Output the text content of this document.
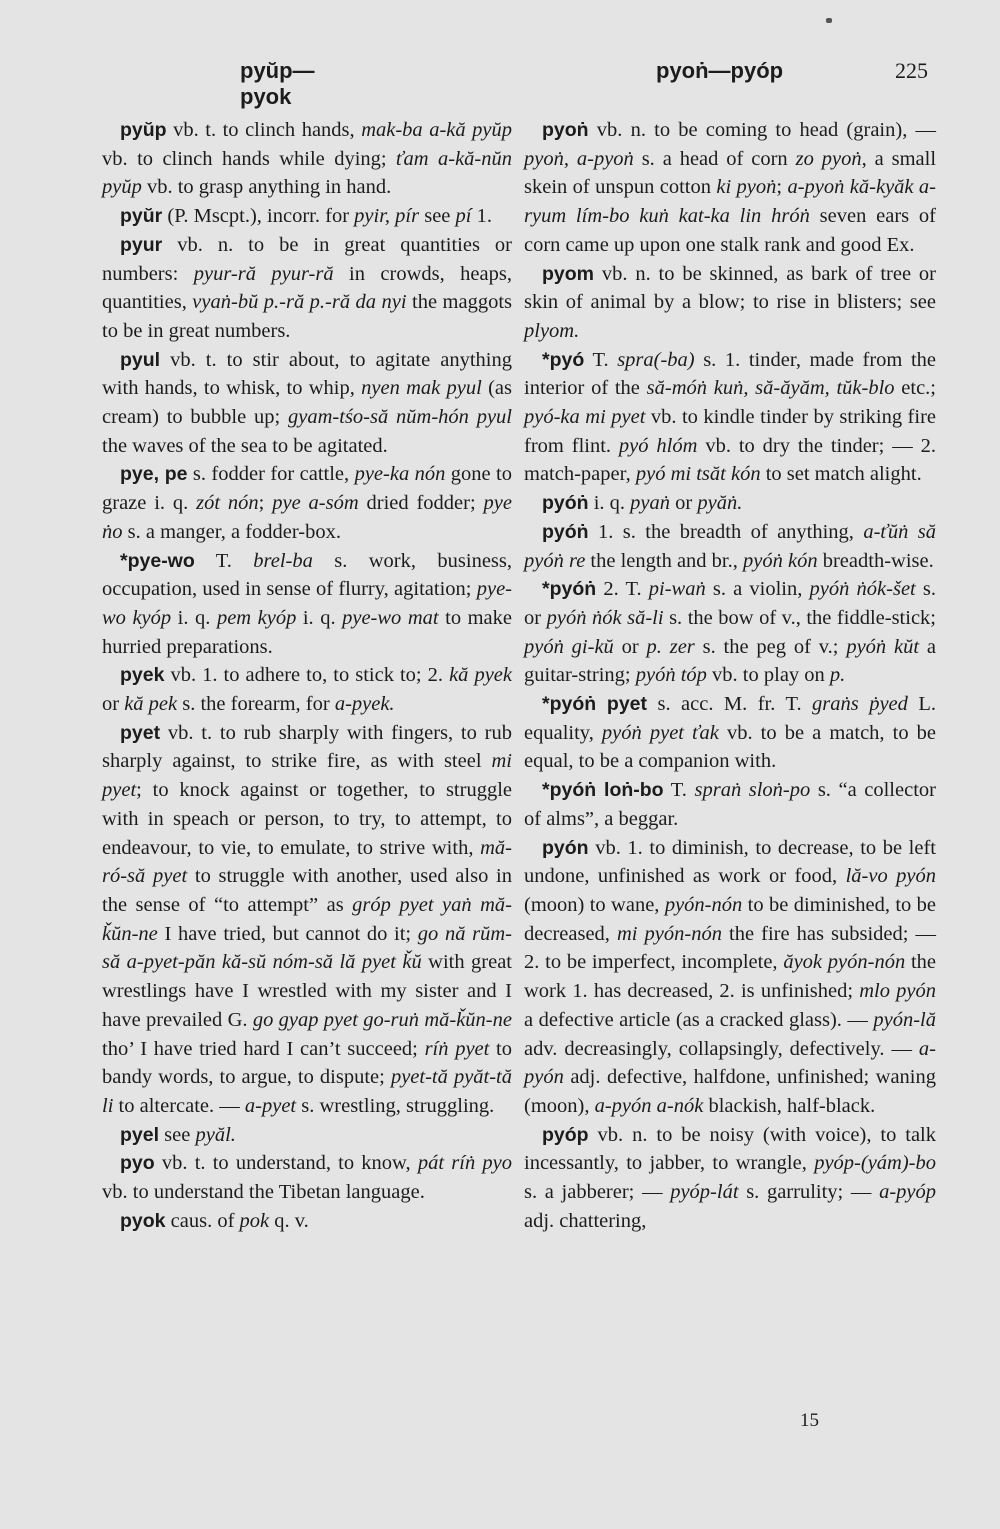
pyŭp—pyok
pyoṅ—pyóp	225

pyŭp vb. t. to clinch hands, mak-ba a-kă pyŭp vb. to clinch hands while dying; ťam a-kă-nŭn pyŭp vb. to grasp anything in hand.

pyŭr (P. Mscpt.), incorr. for pyir, pír see pí 1.

pyur vb. n. to be in great quantities or numbers: pyur-ră pyur-ră in crowds, heaps, quantities, vyaṅ-bŭ p.-ră p.-ră da nyi the maggots to be in great numbers.

pyul vb. t. to stir about, to agitate anything with hands, to whisk, to whip, nyen mak pyul (as cream) to bubble up; gyam-tśo-să nŭm-hón pyul the waves of the sea to be agitated.

pye, pe s. fodder for cattle, pye-ka nón gone to graze i. q. zót nón; pye a-sóm dried fodder; pye ṅo s. a manger, a fodder-box.

*pye-wo T. brel-ba s. work, business, occupation, used in sense of flurry, agitation; pye-wo kyóp i. q. pem kyóp i. q. pye-wo mat to make hurried preparations.

pyek vb. 1. to adhere to, to stick to; 2. kă pyek or kă pek s. the forearm, for a-pyek.

pyet vb. t. to rub sharply with fingers, to rub sharply against, to strike fire, as with steel mi pyet; to knock against or together, to struggle with in speach or person, to try, to attempt, to endeavour, to vie, to emulate, to strive with, mă-ró-să pyet to struggle with another, used also in the sense of “to attempt” as gróp pyet yaṅ mă-ǩŭn-ne I have tried, but cannot do it; go nă rŭm-să a-pyet-păn kă-sŭ nóm-să lă pyet ǩŭ with great wrestlings have I wrestled with my sister and I have prevailed G. go gyap pyet go-ruṅ mă-ǩŭn-ne tho’ I have tried hard I can’t succeed; ríṅ pyet to bandy words, to argue, to dispute; pyet-tă pyăt-tă li to altercate. — a-pyet s. wrestling, struggling.

pyel see pyăl.

pyo vb. t. to understand, to know, pát ríṅ pyo vb. to understand the Tibetan language.

pyok caus. of pok q. v.

pyoṅ vb. n. to be coming to head (grain), — pyoṅ, a-pyoṅ s. a head of corn zo pyoṅ, a small skein of unspun cotton ki pyoṅ; a-pyoṅ kă-kyăk a-ryum lím-bo kuṅ kat-ka lin hróṅ seven ears of corn came up upon one stalk rank and good Ex.

pyom vb. n. to be skinned, as bark of tree or skin of animal by a blow; to rise in blisters; see plyom.

*pyó T. spra(-ba) s. 1. tinder, made from the interior of the să-móṅ kuṅ, să-ăyăm, tŭk-blo etc.; pyó-ka mi pyet vb. to kindle tinder by striking fire from flint. pyó hlóm vb. to dry the tinder; — 2. match-paper, pyó mi tsăt kón to set match alight.

pyóṅ i. q. pyaṅ or pyăṅ.

pyóṅ 1. s. the breadth of anything, a-ťŭṅ să pyóṅ re the length and br., pyóṅ kón breadth-wise.

*pyóṅ 2. T. pi-waṅ s. a violin, pyóṅ ṅók-šet s. or pyóṅ ṅók să-li s. the bow of v., the fiddle-stick; pyóṅ gi-kŭ or p. zer s. the peg of v.; pyóṅ kŭt a guitar-string; pyóṅ tóp vb. to play on p.

*pyóṅ pyet s. acc. M. fr. T. graṅs ṗyed L. equality, pyóṅ pyet ťak vb. to be a match, to be equal, to be a companion with.

*pyóṅ loṅ-bo T. spraṅ sloṅ-po s. “a collector of alms”, a beggar.

pyón vb. 1. to diminish, to decrease, to be left undone, unfinished as work or food, lă-vo pyón (moon) to wane, pyón-nón to be diminished, to be decreased, mi pyón-nón the fire has subsided; — 2. to be imperfect, incomplete, ăyok pyón-nón the work 1. has decreased, 2. is unfinished; mlo pyón a defective article (as a cracked glass). — pyón-lă adv. decreasingly, collapsingly, defectively. — a-pyón adj. defective, halfdone, unfinished; waning (moon), a-pyón a-nók blackish, half-black.

pyóp vb. n. to be noisy (with voice), to talk incessantly, to jabber, to wrangle, pyóp-(yám)-bo s. a jabberer; — pyóp-lát s. garrulity; — a-pyóp adj. chattering,

15
